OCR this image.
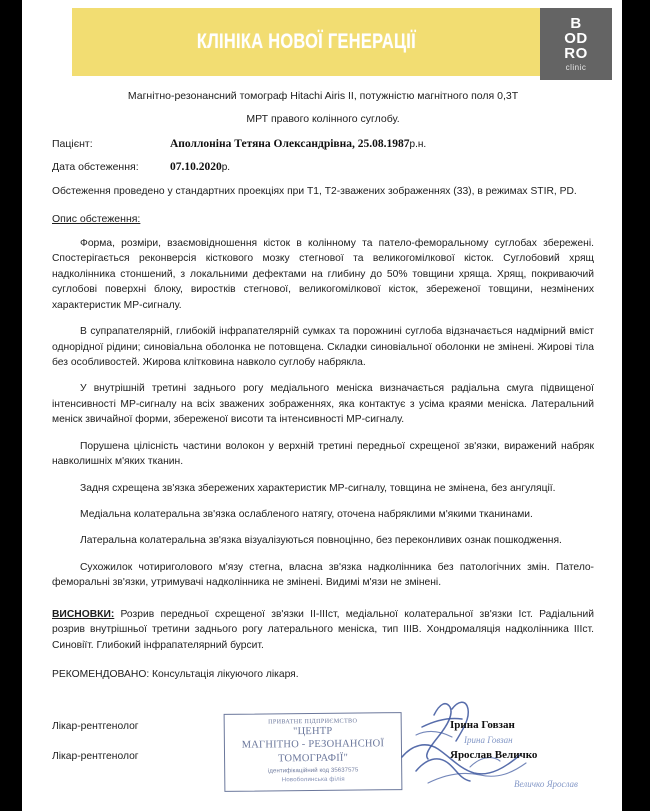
КЛІНІКА НОВОЇ ГЕНЕРАЦІЇ
B
OD
RO
clinic
Магнітно-резонансний томограф Hitachi Airis II, потужністю магнітного поля 0,3Т
МРТ правого колінного суглобу.
Пацієнт:	Аполлоніна Тетяна Олександрівна, 25.08.1987р.н.
Дата обстеження:	07.10.2020р.
Обстеження проведено у стандартних проекціях при Т1, Т2-зважених зображеннях (33), в режимах STIR, PD.
Опис обстеження:
Форма, розміри, взаємовідношення кісток в колінному та пателo-феморальному суглобах збережені. Спостерігається реконверсія кісткового мозку стегнової та великогомілкової кісток. Суглобовий хрящ надколінника стоншений, з локальними дефектами на глибину до 50% товщини хряща. Хрящ, покриваючий суглобові поверхні блоку, виростків стегнової, великогомілкової кісток, збереженої товщини, незмінених характеристик МР-сигналу.
В супрапателярній, глибокій інфрапателярній сумках та порожнині суглоба відзначається надмірний вміст однорідної рідини; синовіальна оболонка не потовщена. Складки синовіальної оболонки не змінені. Жирові тіла без особливостей. Жирова клітковина навколо суглобу набрякла.
У внутрішній третині заднього рогу медіального меніска визначається радіальна смуга підвищеної інтенсивності МР-сигналу на всіх зважених зображеннях, яка контактує з усіма краями меніска. Латеральний меніск звичайної форми, збереженої висоти та інтенсивності МР-сигналу.
Порушена цілісність частини волокон у верхній третині передньої схрещеної зв'язки, виражений набряк навколишніх м'яких тканин.
Задня схрещена зв'язка збережених характеристик МР-сигналу, товщина не змінена, без ангуляції.
Медіальна колатеральна зв'язка ослабленого натягу, оточена набряклими м'якими тканинами.
Латеральна колатеральна зв'язка візуалізуються повноцінно, без переконливих ознак пошкодження.
Сухожилок чотириголового м'язу стегна, власна зв'язка надколінника без патологічних змін. Пателo-феморальні зв'язки, утримувачі надколінника не змінені. Видимі м'язи не змінені.
ВИСНОВКИ: Розрив передньої схрещеної зв'язки II-IIIст, медіальної колатеральної зв'язки Іст. Радіальний розрив внутрішньої третини заднього рогу латерального меніска, тип ІІІВ. Хондромаляція надколінника ІІІст. Синовіїт. Глибокий інфрапателярний бурсит.
РЕКОМЕНДОВАНО: Консультація лікуючого лікаря.
Лікар-рентгенолог
Лікар-рентгенолог
ПРИВАТНЕ ПІДПРИЄМСТВО
"ЦЕНТР
МАГНІТНО - РЕЗОНАНСНОЇ
ТОМОГРАФІЇ"
ідентифікаційний код 35637575
Новоболинська філія
Ірина Говзан
Величко Ярослав
Ірина Говзан
Ярослав Величко
